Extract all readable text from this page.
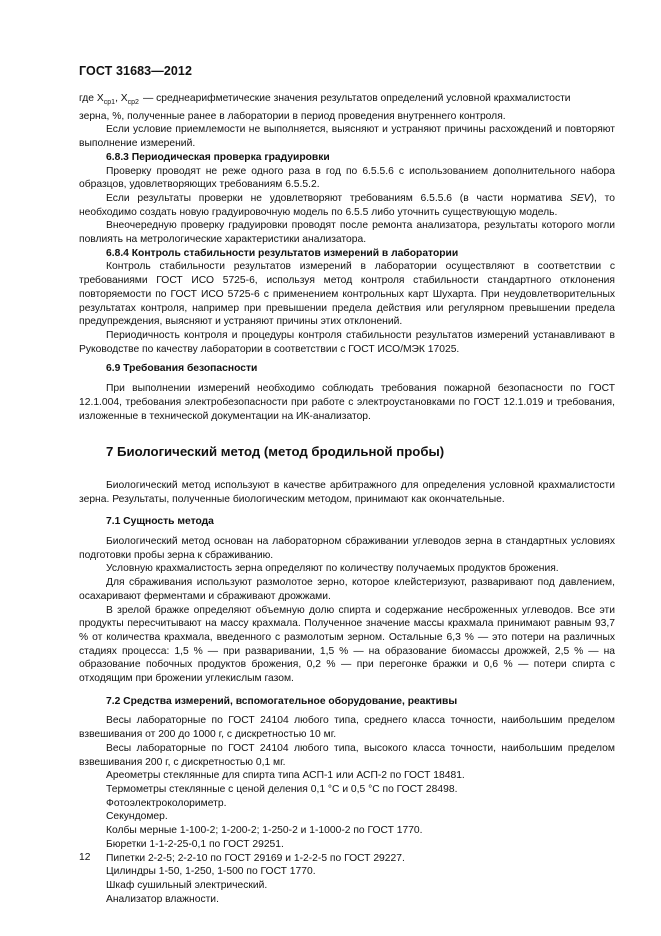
ГОСТ 31683—2012
где $X_{ср1}$, $X_{ср2}$ — среднеарифметические значения результатов определений условной крахмалистости

зерна, %, полученные ранее в лаборатории в период проведения внутреннего контроля.

Если условие приемлемости не выполняется, выясняют и устраняют причины расхождений и повторяют выполнение измерений.

6.8.3 Периодическая проверка градуировки

Проверку проводят не реже одного раза в год по 6.5.5.6 с использованием дополнительного набора образцов, удовлетворяющих требованиям 6.5.5.2.

Если результаты проверки не удовлетворяют требованиям 6.5.5.6 (в части норматива SEV), то необходимо создать новую градуировочную модель по 6.5.5 либо уточнить существующую модель.

Внеочередную проверку градуировки проводят после ремонта анализатора, результаты которого могли повлиять на метрологические характеристики анализатора.

6.8.4 Контроль стабильности результатов измерений в лаборатории

Контроль стабильности результатов измерений в лаборатории осуществляют в соответствии с требованиями ГОСТ ИСО 5725-6, используя метод контроля стабильности стандартного отклонения повторяемости по ГОСТ ИСО 5725-6 с применением контрольных карт Шухарта. При неудовлетворительных результатах контроля, например при превышении предела действия или регулярном превышении предела предупреждения, выясняют и устраняют причины этих отклонений.

Периодичность контроля и процедуры контроля стабильности результатов измерений устанавливают в Руководстве по качеству лаборатории в соответствии с ГОСТ ИСО/МЭК 17025.

6.9 Требования безопасности

При выполнении измерений необходимо соблюдать требования пожарной безопасности по ГОСТ 12.1.004, требования электробезопасности при работе с электроустановками по ГОСТ 12.1.019 и требования, изложенные в технической документации на ИК-анализатор.

7 Биологический метод (метод бродильной пробы)

Биологический метод используют в качестве арбитражного для определения условной крахмалистости зерна. Результаты, полученные биологическим методом, принимают как окончательные.

7.1 Сущность метода

Биологический метод основан на лабораторном сбраживании углеводов зерна в стандартных условиях подготовки пробы зерна к сбраживанию.

Условную крахмалистость зерна определяют по количеству получаемых продуктов брожения.

Для сбраживания используют размолотое зерно, которое клейстеризуют, разваривают под давлением, осахаривают ферментами и сбраживают дрожжами.

В зрелой бражке определяют объемную долю спирта и содержание несброженных углеводов. Все эти продукты пересчитывают на массу крахмала. Полученное значение массы крахмала принимают равным 93,7 % от количества крахмала, введенного с размолотым зерном. Остальные 6,3 % — это потери на различных стадиях процесса: 1,5 % — при разваривании, 1,5 % — на образование биомассы дрожжей, 2,5 % — на образование побочных продуктов брожения, 0,2 % — при перегонке бражки и 0,6 % — потери спирта с отходящим при брожении углекислым газом.

7.2 Средства измерений, вспомогательное оборудование, реактивы

Весы лабораторные по ГОСТ 24104 любого типа, среднего класса точности, наибольшим пределом взвешивания от 200 до 1000 г, с дискретностью 10 мг.

Весы лабораторные по ГОСТ 24104 любого типа, высокого класса точности, наибольшим пределом взвешивания 200 г, с дискретностью 0,1 мг.

Ареометры стеклянные для спирта типа АСП-1 или АСП-2 по ГОСТ 18481.
Термометры стеклянные с ценой деления 0,1 °С и 0,5 °С по ГОСТ 28498.
Фотоэлектроколориметр.
Секундомер.
Колбы мерные 1-100-2; 1-200-2; 1-250-2 и 1-1000-2 по ГОСТ 1770.
Бюретки 1-1-2-25-0,1 по ГОСТ 29251.
Пипетки 2-2-5; 2-2-10 по ГОСТ 29169 и 1-2-2-5 по ГОСТ 29227.
Цилиндры 1-50, 1-250, 1-500 по ГОСТ 1770.
Шкаф сушильный электрический.
Анализатор влажности.
12
